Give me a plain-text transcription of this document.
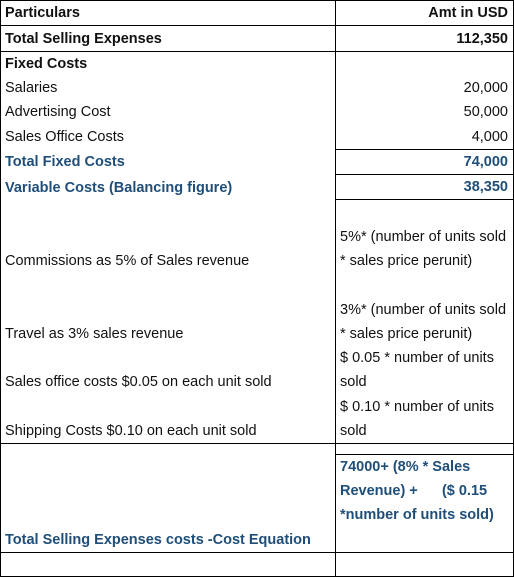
Particulars	Amt in USD
Total Selling Expenses	112,350
Fixed Costs	
Salaries	20,000
Advertising Cost	50,000
Sales Office Costs	4,000
Total Fixed Costs	74,000
Variable Costs (Balancing figure)	38,350
Commissions as 5% of Sales revenue	5%* (number of units sold * sales price perunit)
Travel as 3% sales revenue	3%* (number of units sold * sales price perunit)
Sales office costs $0.05 on each unit sold	$ 0.05 * number of units sold
Shipping Costs $0.10 on each unit sold	$ 0.10 * number of units sold

Total Selling Expenses costs -Cost Equation	74000+ (8% * Sales Revenue) +      ($ 0.15 *number of units sold)
